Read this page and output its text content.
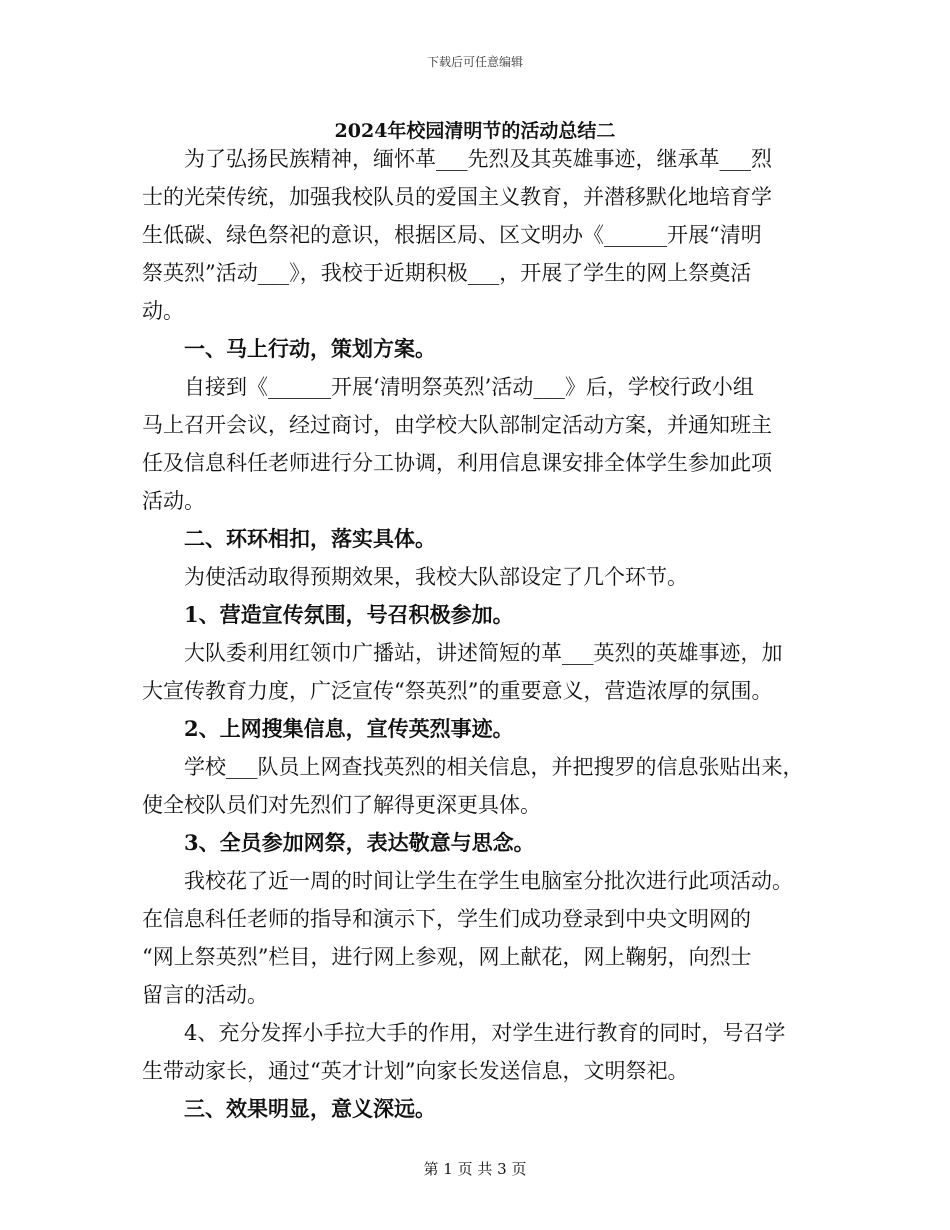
下载后可任意编辑
2024年校园清明节的活动总结二
　　为了弘扬民族精神，缅怀革___先烈及其英雄事迹，继承革___烈
士的光荣传统，加强我校队员的爱国主义教育，并潜移默化地培育学
生低碳、绿色祭祀的意识，根据区局、区文明办《______开展“清明
祭英烈”活动___》，我校于近期积极___，开展了学生的网上祭奠活
动。
　　一、马上行动，策划方案。
　　自接到《______开展‘清明祭英烈’活动___》后，学校行政小组
马上召开会议，经过商讨，由学校大队部制定活动方案，并通知班主
任及信息科任老师进行分工协调，利用信息课安排全体学生参加此项
活动。
　　二、环环相扣，落实具体。
　　为使活动取得预期效果，我校大队部设定了几个环节。
　　1、营造宣传氛围，号召积极参加。
　　大队委利用红领巾广播站，讲述简短的革___英烈的英雄事迹，加
大宣传教育力度，广泛宣传“祭英烈”的重要意义，营造浓厚的氛围。
　　2、上网搜集信息，宣传英烈事迹。
　　学校___队员上网查找英烈的相关信息，并把搜罗的信息张贴出来，
使全校队员们对先烈们了解得更深更具体。
　　3、全员参加网祭，表达敬意与思念。
　　我校花了近一周的时间让学生在学生电脑室分批次进行此项活动。
在信息科任老师的指导和演示下，学生们成功登录到中央文明网的
“网上祭英烈”栏目，进行网上参观，网上献花，网上鞠躬，向烈士
留言的活动。
　　4、充分发挥小手拉大手的作用，对学生进行教育的同时，号召学
生带动家长，通过“英才计划”向家长发送信息，文明祭祀。
　　三、效果明显，意义深远。
第 1 页 共 3 页
